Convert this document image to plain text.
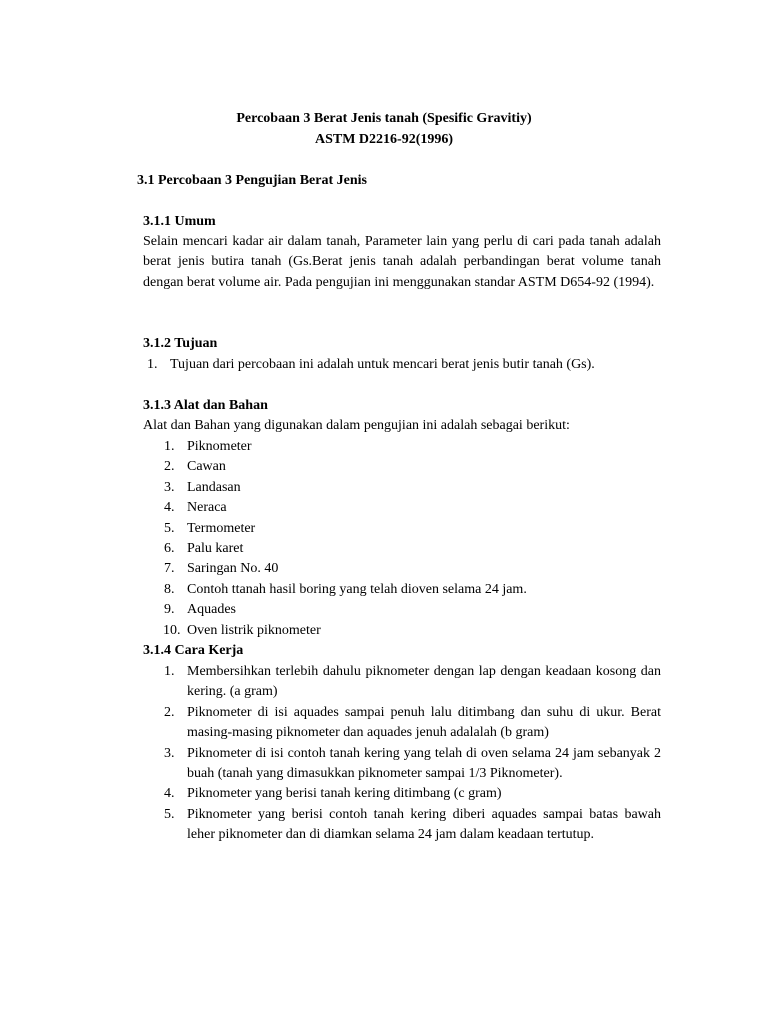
Percobaan 3 Berat Jenis tanah (Spesific Gravitiy)

ASTM D2216-92(1996)

3.1 Percobaan 3 Pengujian Berat Jenis

3.1.1 Umum

Selain mencari kadar air dalam tanah, Parameter lain yang perlu di cari pada tanah adalah berat jenis butira tanah (Gs.Berat jenis tanah adalah perbandingan berat volume tanah dengan berat volume air. Pada pengujian ini menggunakan standar ASTM D654-92 (1994).

3.1.2 Tujuan

1. Tujuan dari percobaan ini adalah untuk mencari berat jenis butir tanah (Gs).

3.1.3 Alat dan Bahan

Alat dan Bahan yang digunakan dalam pengujian ini adalah sebagai berikut:

1. Piknometer
2. Cawan
3. Landasan
4. Neraca
5. Termometer
6. Palu karet
7. Saringan No. 40
8. Contoh ttanah hasil boring yang telah dioven selama 24 jam.
9. Aquades
10. Oven listrik piknometer

3.1.4 Cara Kerja

1. Membersihkan terlebih dahulu piknometer dengan lap dengan keadaan kosong dan kering. (a gram)
2. Piknometer di isi aquades sampai penuh lalu ditimbang dan suhu di ukur. Berat masing-masing piknometer dan aquades jenuh adalalah (b gram)
3. Piknometer di isi contoh tanah kering yang telah di oven selama 24 jam sebanyak 2 buah (tanah yang dimasukkan piknometer sampai 1/3 Piknometer).
4. Piknometer yang berisi tanah kering ditimbang (c gram)
5. Piknometer yang berisi contoh tanah kering diberi aquades sampai batas bawah leher piknometer dan di diamkan selama 24 jam dalam keadaan tertutup.
